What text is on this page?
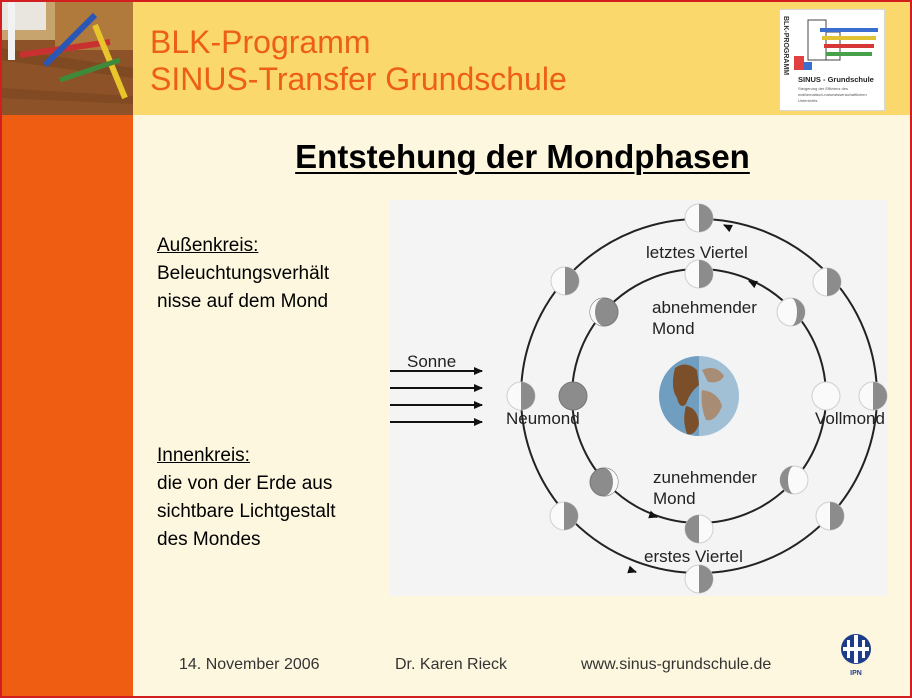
BLK-Programm
SINUS-Transfer Grundschule
BLK-PROGRAMM
SINUS - Grundschule
Steigerung der Effizienz des
mathematisch-naturwissenschaftlichen
Unterrichts
Entstehung der Mondphasen
Außenkreis:
Beleuchtungsverhält
nisse auf dem Mond
Innenkreis:
die von der Erde aus
sichtbare Lichtgestalt
des Mondes
Sonne
Neumond	Vollmond
letztes Viertel
erstes Viertel
abnehmender
Mond
zunehmender
Mond
14. November 2006	Dr. Karen Rieck	www.sinus-grundschule.de
IPN
